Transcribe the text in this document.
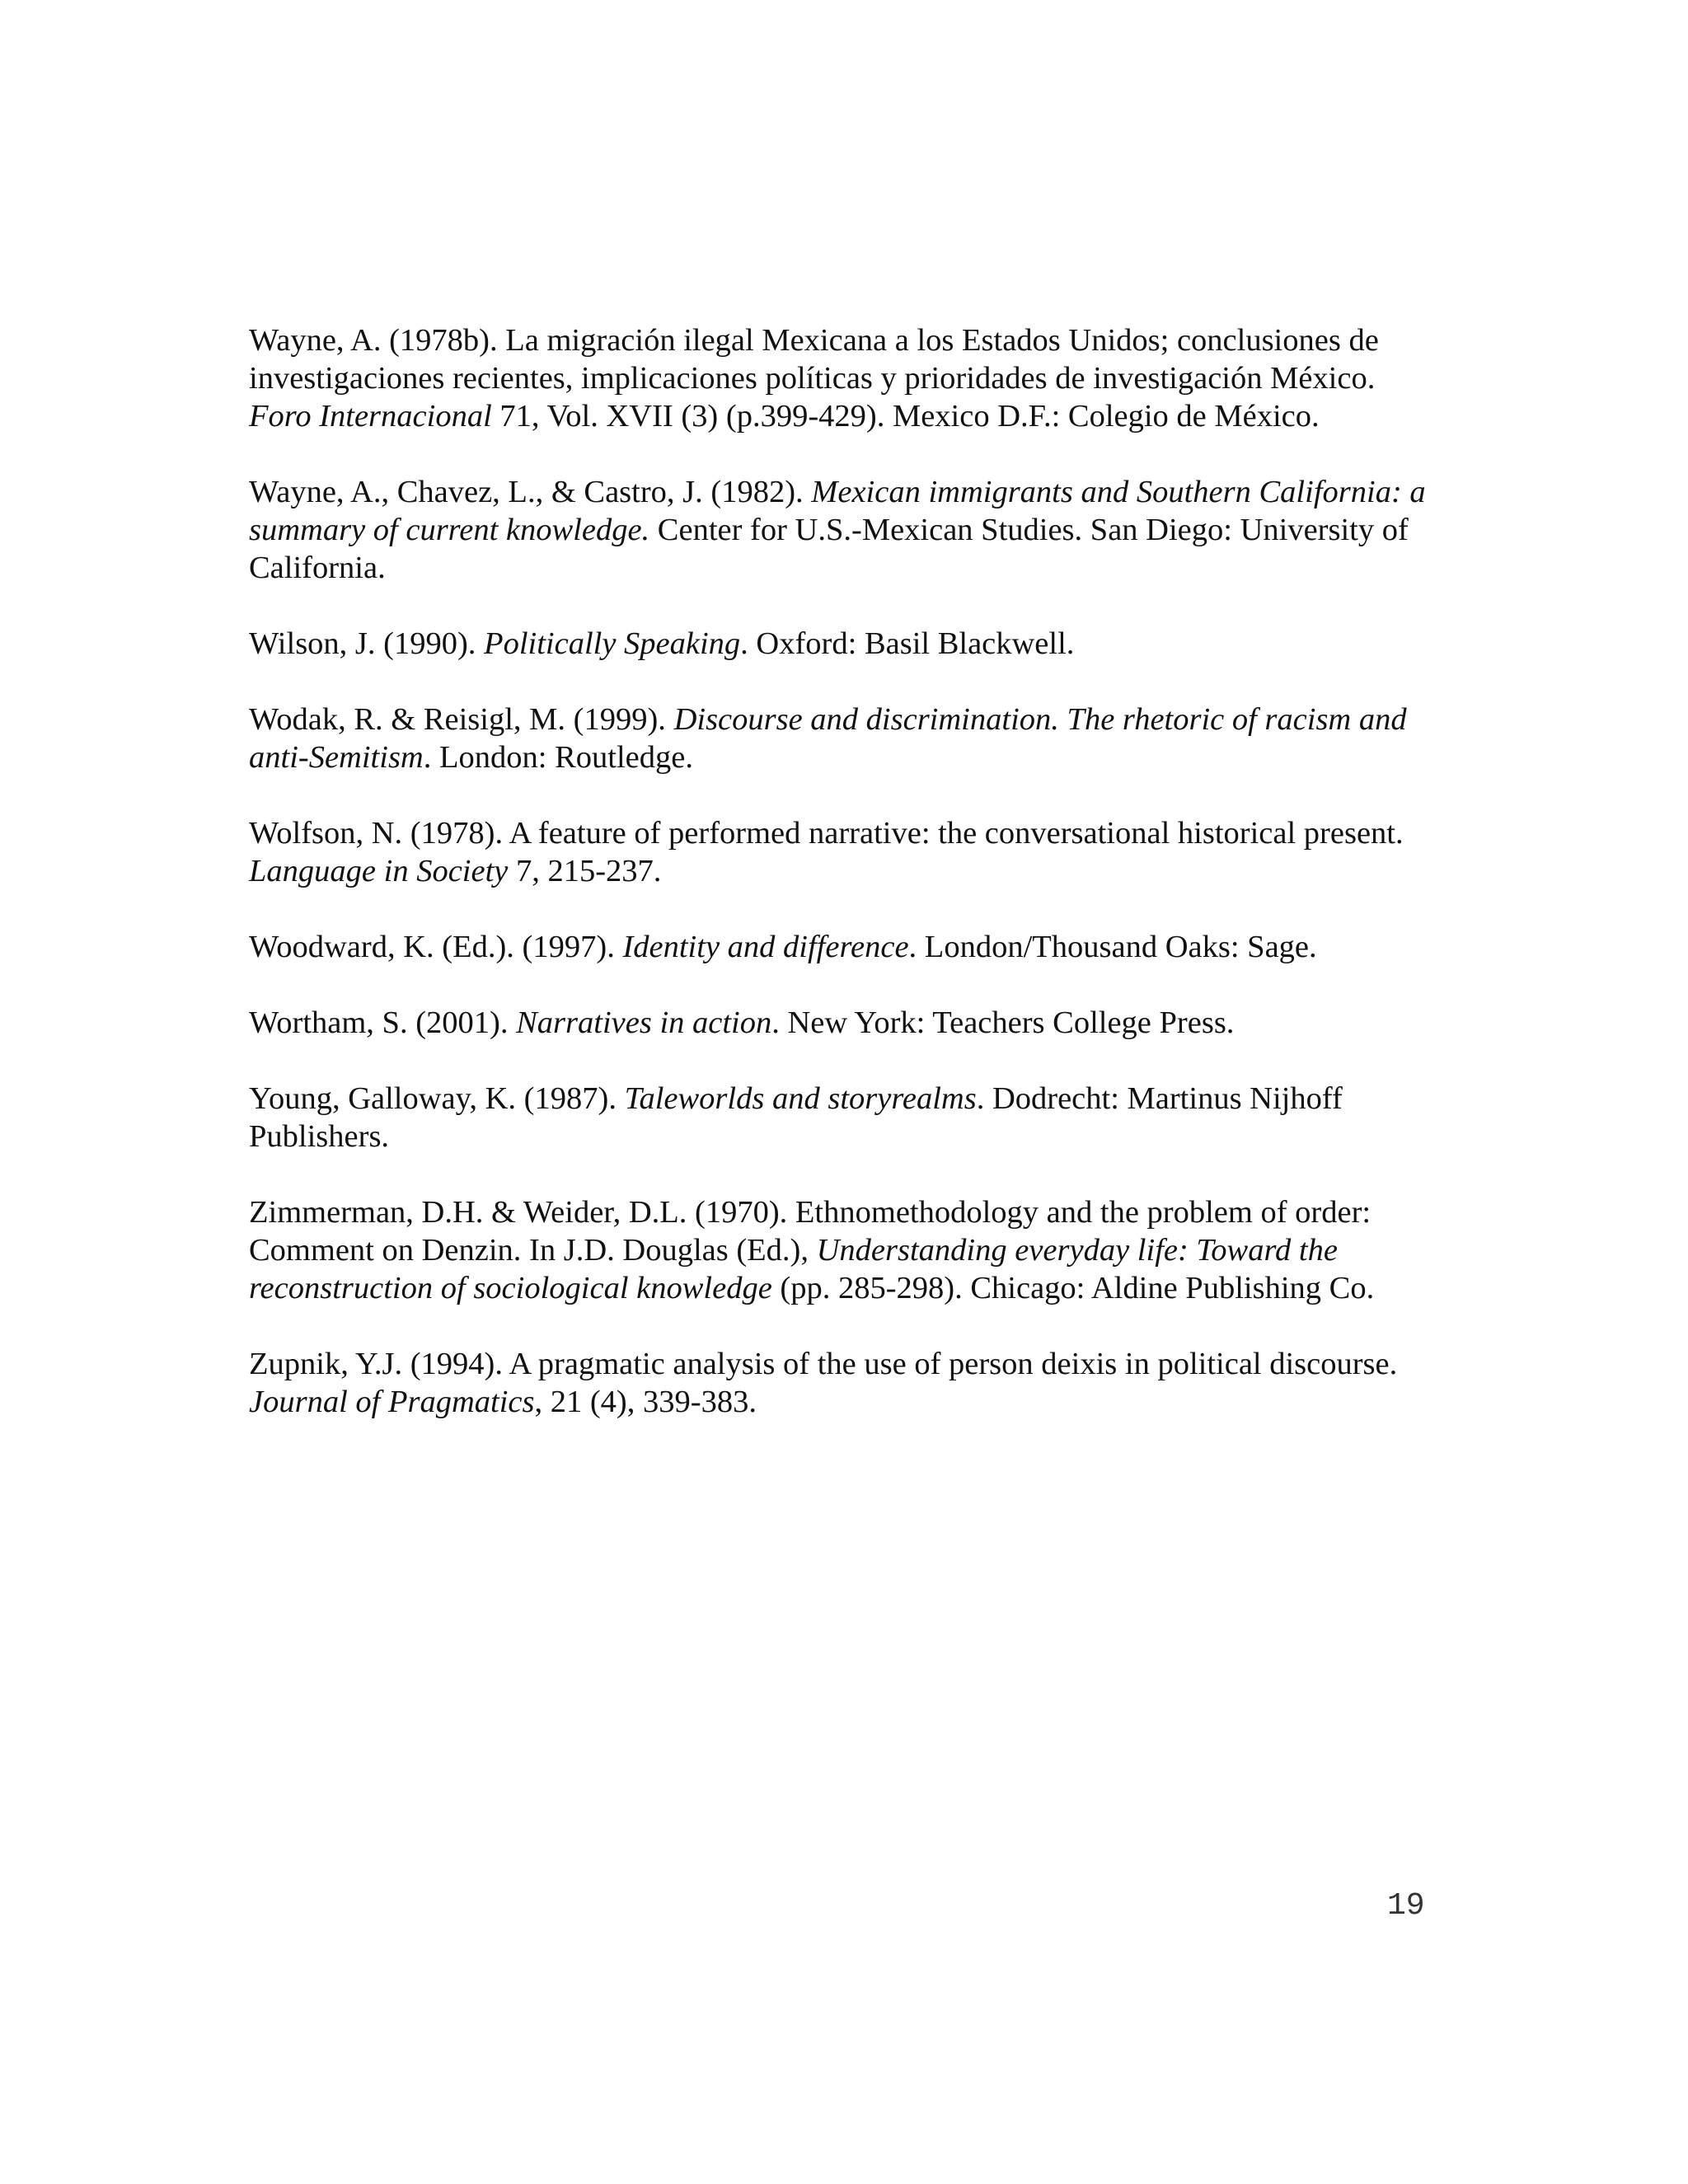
Wayne, A. (1978b). La migración ilegal Mexicana a los Estados Unidos; conclusiones de investigaciones recientes, implicaciones políticas y prioridades de investigación México. Foro Internacional 71, Vol. XVII (3) (p.399-429). Mexico D.F.: Colegio de México.

Wayne, A., Chavez, L., & Castro, J. (1982). Mexican immigrants and Southern California: a summary of current knowledge. Center for U.S.-Mexican Studies. San Diego: University of California.

Wilson, J. (1990). Politically Speaking. Oxford: Basil Blackwell.

Wodak, R. & Reisigl, M. (1999). Discourse and discrimination. The rhetoric of racism and anti-Semitism. London: Routledge.

Wolfson, N. (1978). A feature of performed narrative: the conversational historical present. Language in Society 7, 215-237.

Woodward, K. (Ed.). (1997). Identity and difference. London/Thousand Oaks: Sage.

Wortham, S. (2001). Narratives in action. New York: Teachers College Press.

Young, Galloway, K. (1987). Taleworlds and storyrealms. Dodrecht: Martinus Nijhoff Publishers.

Zimmerman, D.H. & Weider, D.L. (1970). Ethnomethodology and the problem of order: Comment on Denzin. In J.D. Douglas (Ed.), Understanding everyday life: Toward the reconstruction of sociological knowledge (pp. 285-298). Chicago: Aldine Publishing Co.

Zupnik, Y.J. (1994). A pragmatic analysis of the use of person deixis in political discourse. Journal of Pragmatics, 21 (4), 339-383.

19
